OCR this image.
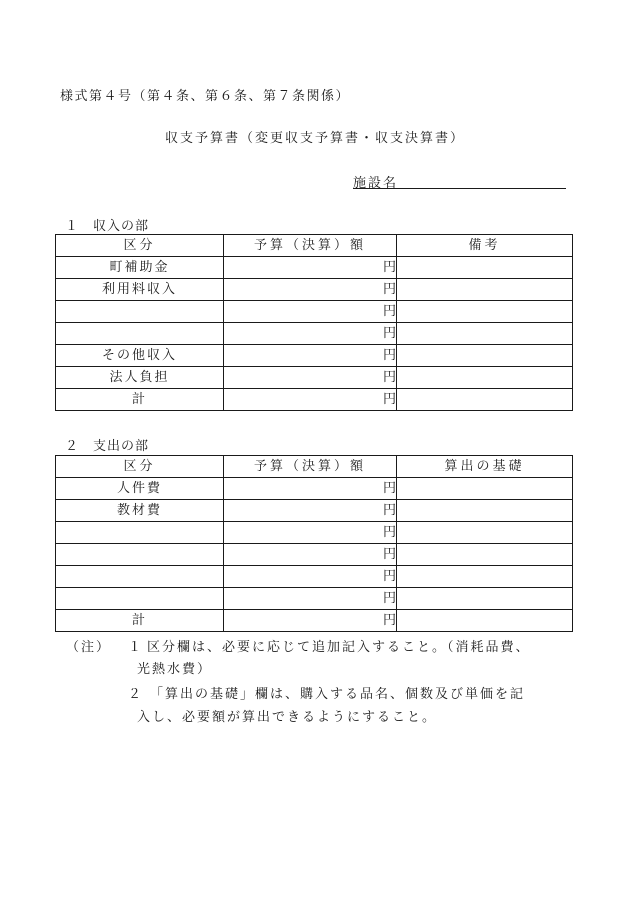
様式第４号（第４条、第６条、第７条関係）
収支予算書（変更収支予算書・収支決算書）
施設名
１　収入の部
区分	予算（決算）額	備考
町補助金	円	
利用料収入	円	
	円	
	円	
その他収入	円	
法人負担	円	
計	円	
２　支出の部
区分	予算（決算）額	算出の基礎
人件費	円	
教材費	円	
	円	
	円	
	円	
	円	
計	円	
（注） １ 区分欄は、必要に応じて追加記入すること。（消耗品費、
光熱水費）
２ 「算出の基礎」欄は、購入する品名、個数及び単価を記
入し、必要額が算出できるようにすること。
